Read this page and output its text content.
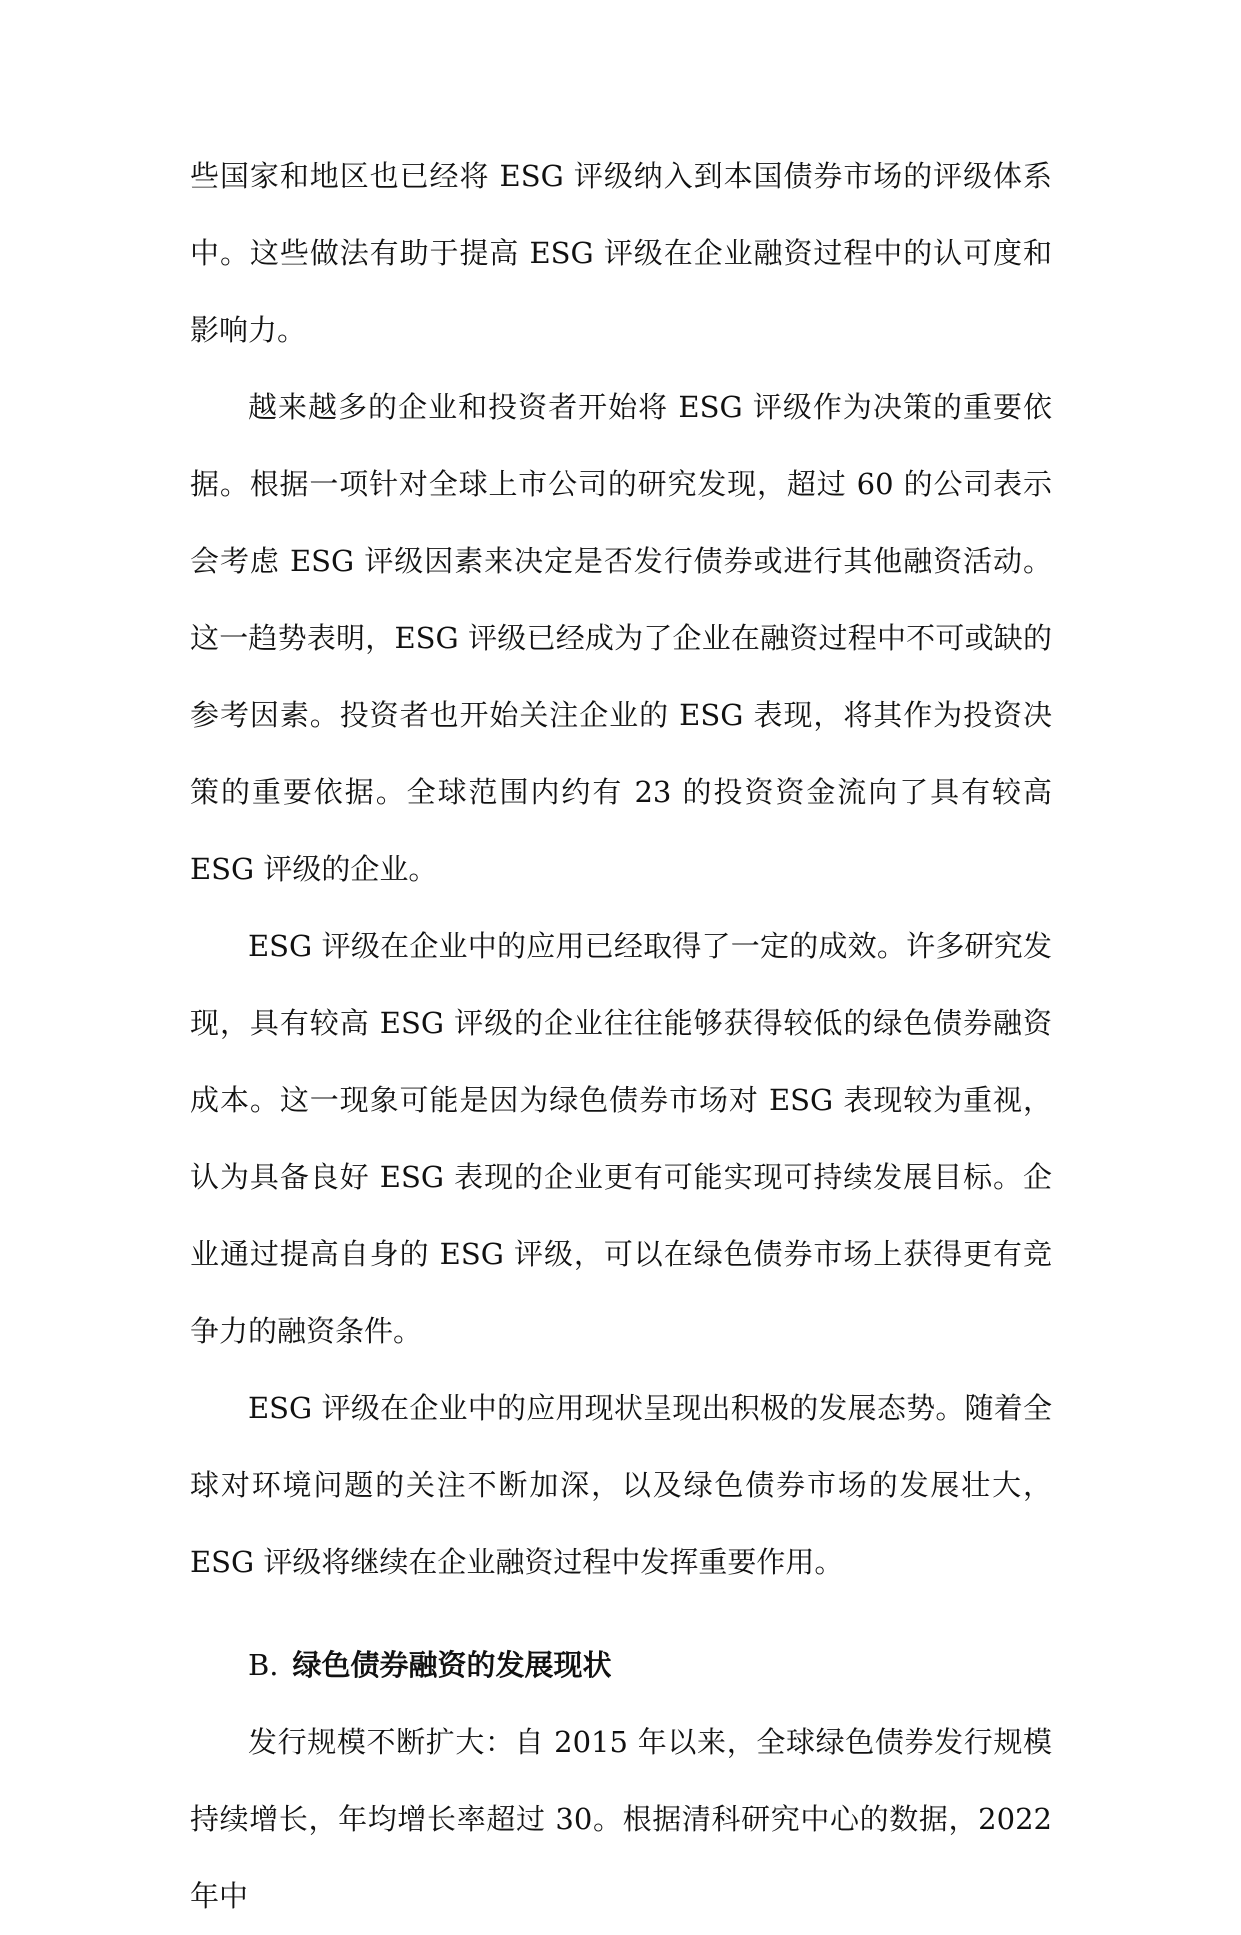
些国家和地区也已经将 ESG 评级纳入到本国债券市场的评级体系中。这些做法有助于提高 ESG 评级在企业融资过程中的认可度和影响力。

越来越多的企业和投资者开始将 ESG 评级作为决策的重要依据。根据一项针对全球上市公司的研究发现，超过 60 的公司表示会考虑 ESG 评级因素来决定是否发行债券或进行其他融资活动。这一趋势表明，ESG 评级已经成为了企业在融资过程中不可或缺的参考因素。投资者也开始关注企业的 ESG 表现，将其作为投资决策的重要依据。全球范围内约有 23 的投资资金流向了具有较高 ESG 评级的企业。

ESG 评级在企业中的应用已经取得了一定的成效。许多研究发现，具有较高 ESG 评级的企业往往能够获得较低的绿色债券融资成本。这一现象可能是因为绿色债券市场对 ESG 表现较为重视，认为具备良好 ESG 表现的企业更有可能实现可持续发展目标。企业通过提高自身的 ESG 评级，可以在绿色债券市场上获得更有竞争力的融资条件。

ESG 评级在企业中的应用现状呈现出积极的发展态势。随着全球对环境问题的关注不断加深，以及绿色债券市场的发展壮大，ESG 评级将继续在企业融资过程中发挥重要作用。

B. 绿色债券融资的发展现状

发行规模不断扩大：自 2015 年以来，全球绿色债券发行规模持续增长，年均增长率超过 30。根据清科研究中心的数据，2022 年中
